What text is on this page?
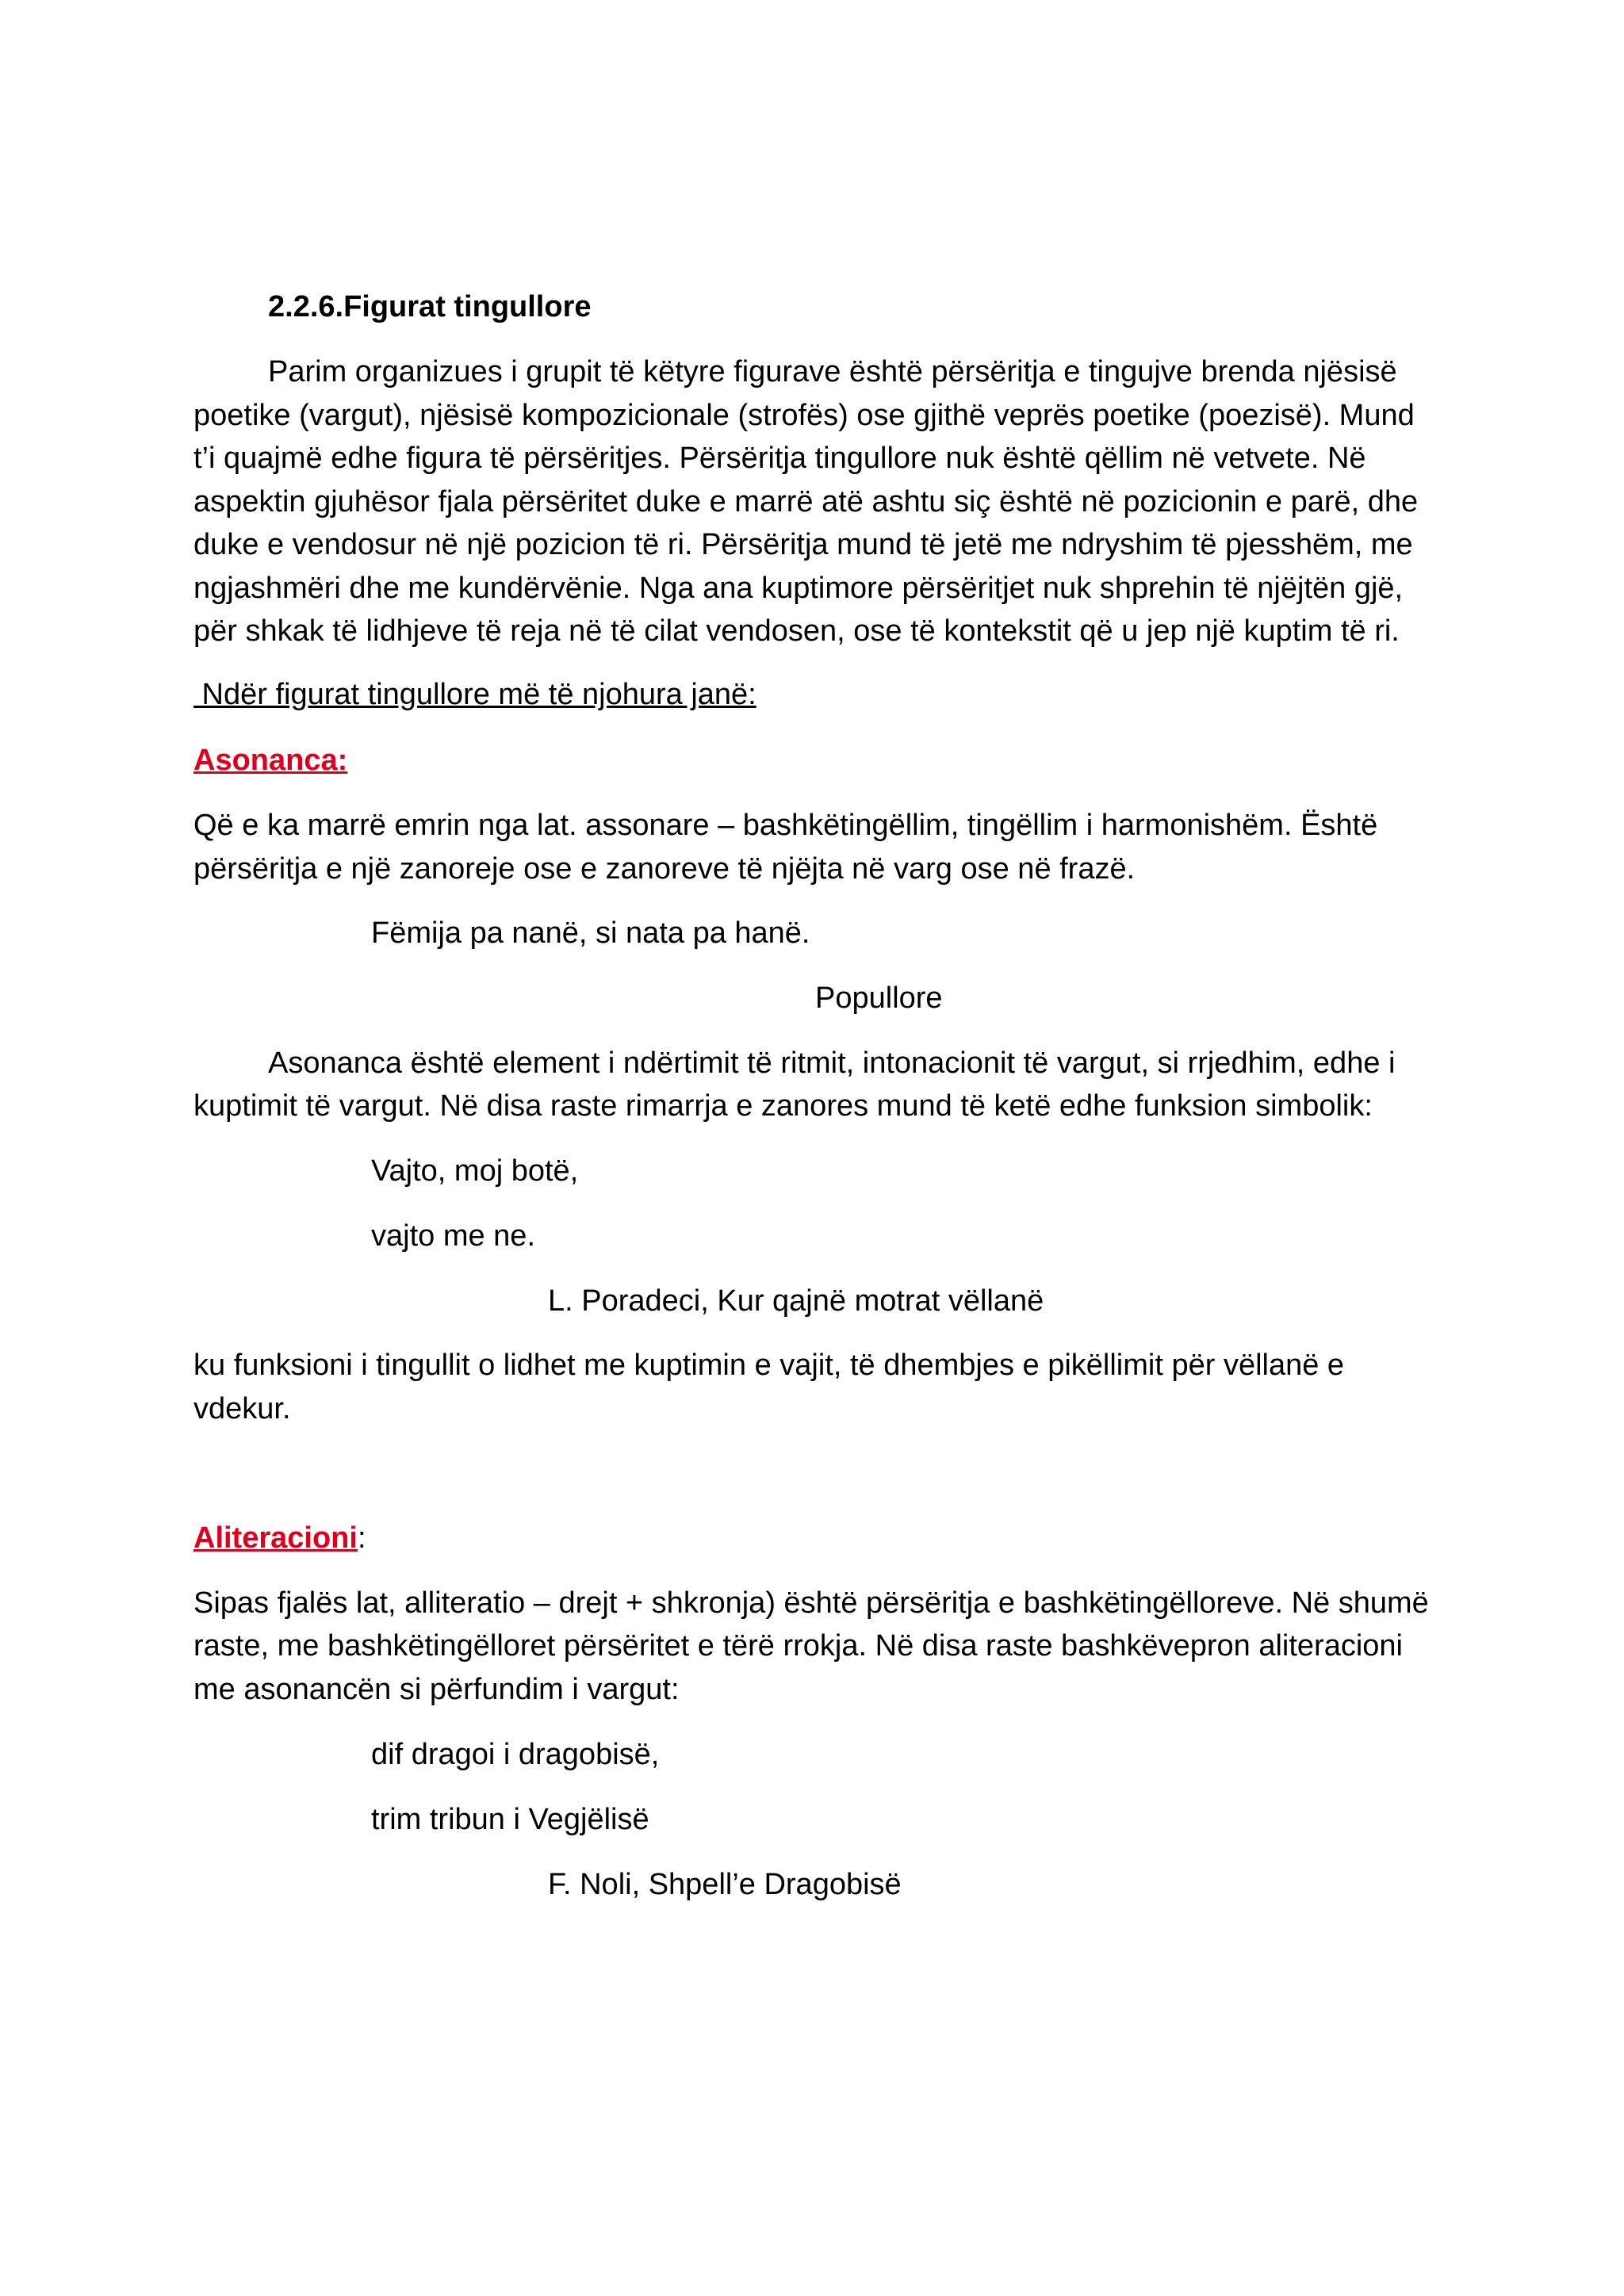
2.2.6.Figurat tingullore
Parim organizues i grupit të këtyre figurave është përsëritja e tingujve brenda njësisë
poetike (vargut), njësisë kompozicionale (strofës) ose gjithë veprës poetike (poezisë). Mund
t’i quajmë edhe figura të përsëritjes. Përsëritja tingullore nuk është qëllim në vetvete. Në
aspektin gjuhësor fjala përsëritet duke e marrë atë ashtu siç është në pozicionin e parë, dhe
duke e vendosur në një pozicion të ri. Përsëritja mund të jetë me ndryshim të pjesshëm, me
ngjashmëri dhe me kundërvënie. Nga ana kuptimore përsëritjet nuk shprehin të njëjtën gjë,
për shkak të lidhjeve të reja në të cilat vendosen, ose të kontekstit që u jep një kuptim të ri.
Ndër figurat tingullore më të njohura janë:
Asonanca:
Që e ka marrë emrin nga lat. assonare – bashkëtingëllim, tingëllim i harmonishëm. Është
përsëritja e një zanoreje ose e zanoreve të njëjta në varg ose në frazë.
Fëmija pa nanë, si nata pa hanë.
Popullore
Asonanca është element i ndërtimit të ritmit, intonacionit të vargut, si rrjedhim, edhe i
kuptimit të vargut. Në disa raste rimarrja e zanores mund të ketë edhe funksion simbolik:
Vajto, moj botë,
vajto me ne.
L. Poradeci, Kur qajnë motrat vëllanë
ku funksioni i tingullit o lidhet me kuptimin e vajit, të dhembjes e pikëllimit për vëllanë e
vdekur.
Aliteracioni:
Sipas fjalës lat, alliteratio – drejt + shkronja) është përsëritja e bashkëtingëlloreve. Në shumë
raste, me bashkëtingëlloret përsëritet e tërë rrokja. Në disa raste bashkëvepron aliteracioni
me asonancën si përfundim i vargut:
dif dragoi i dragobisë,
trim tribun i Vegjëlisë
F. Noli, Shpell’e Dragobisë
